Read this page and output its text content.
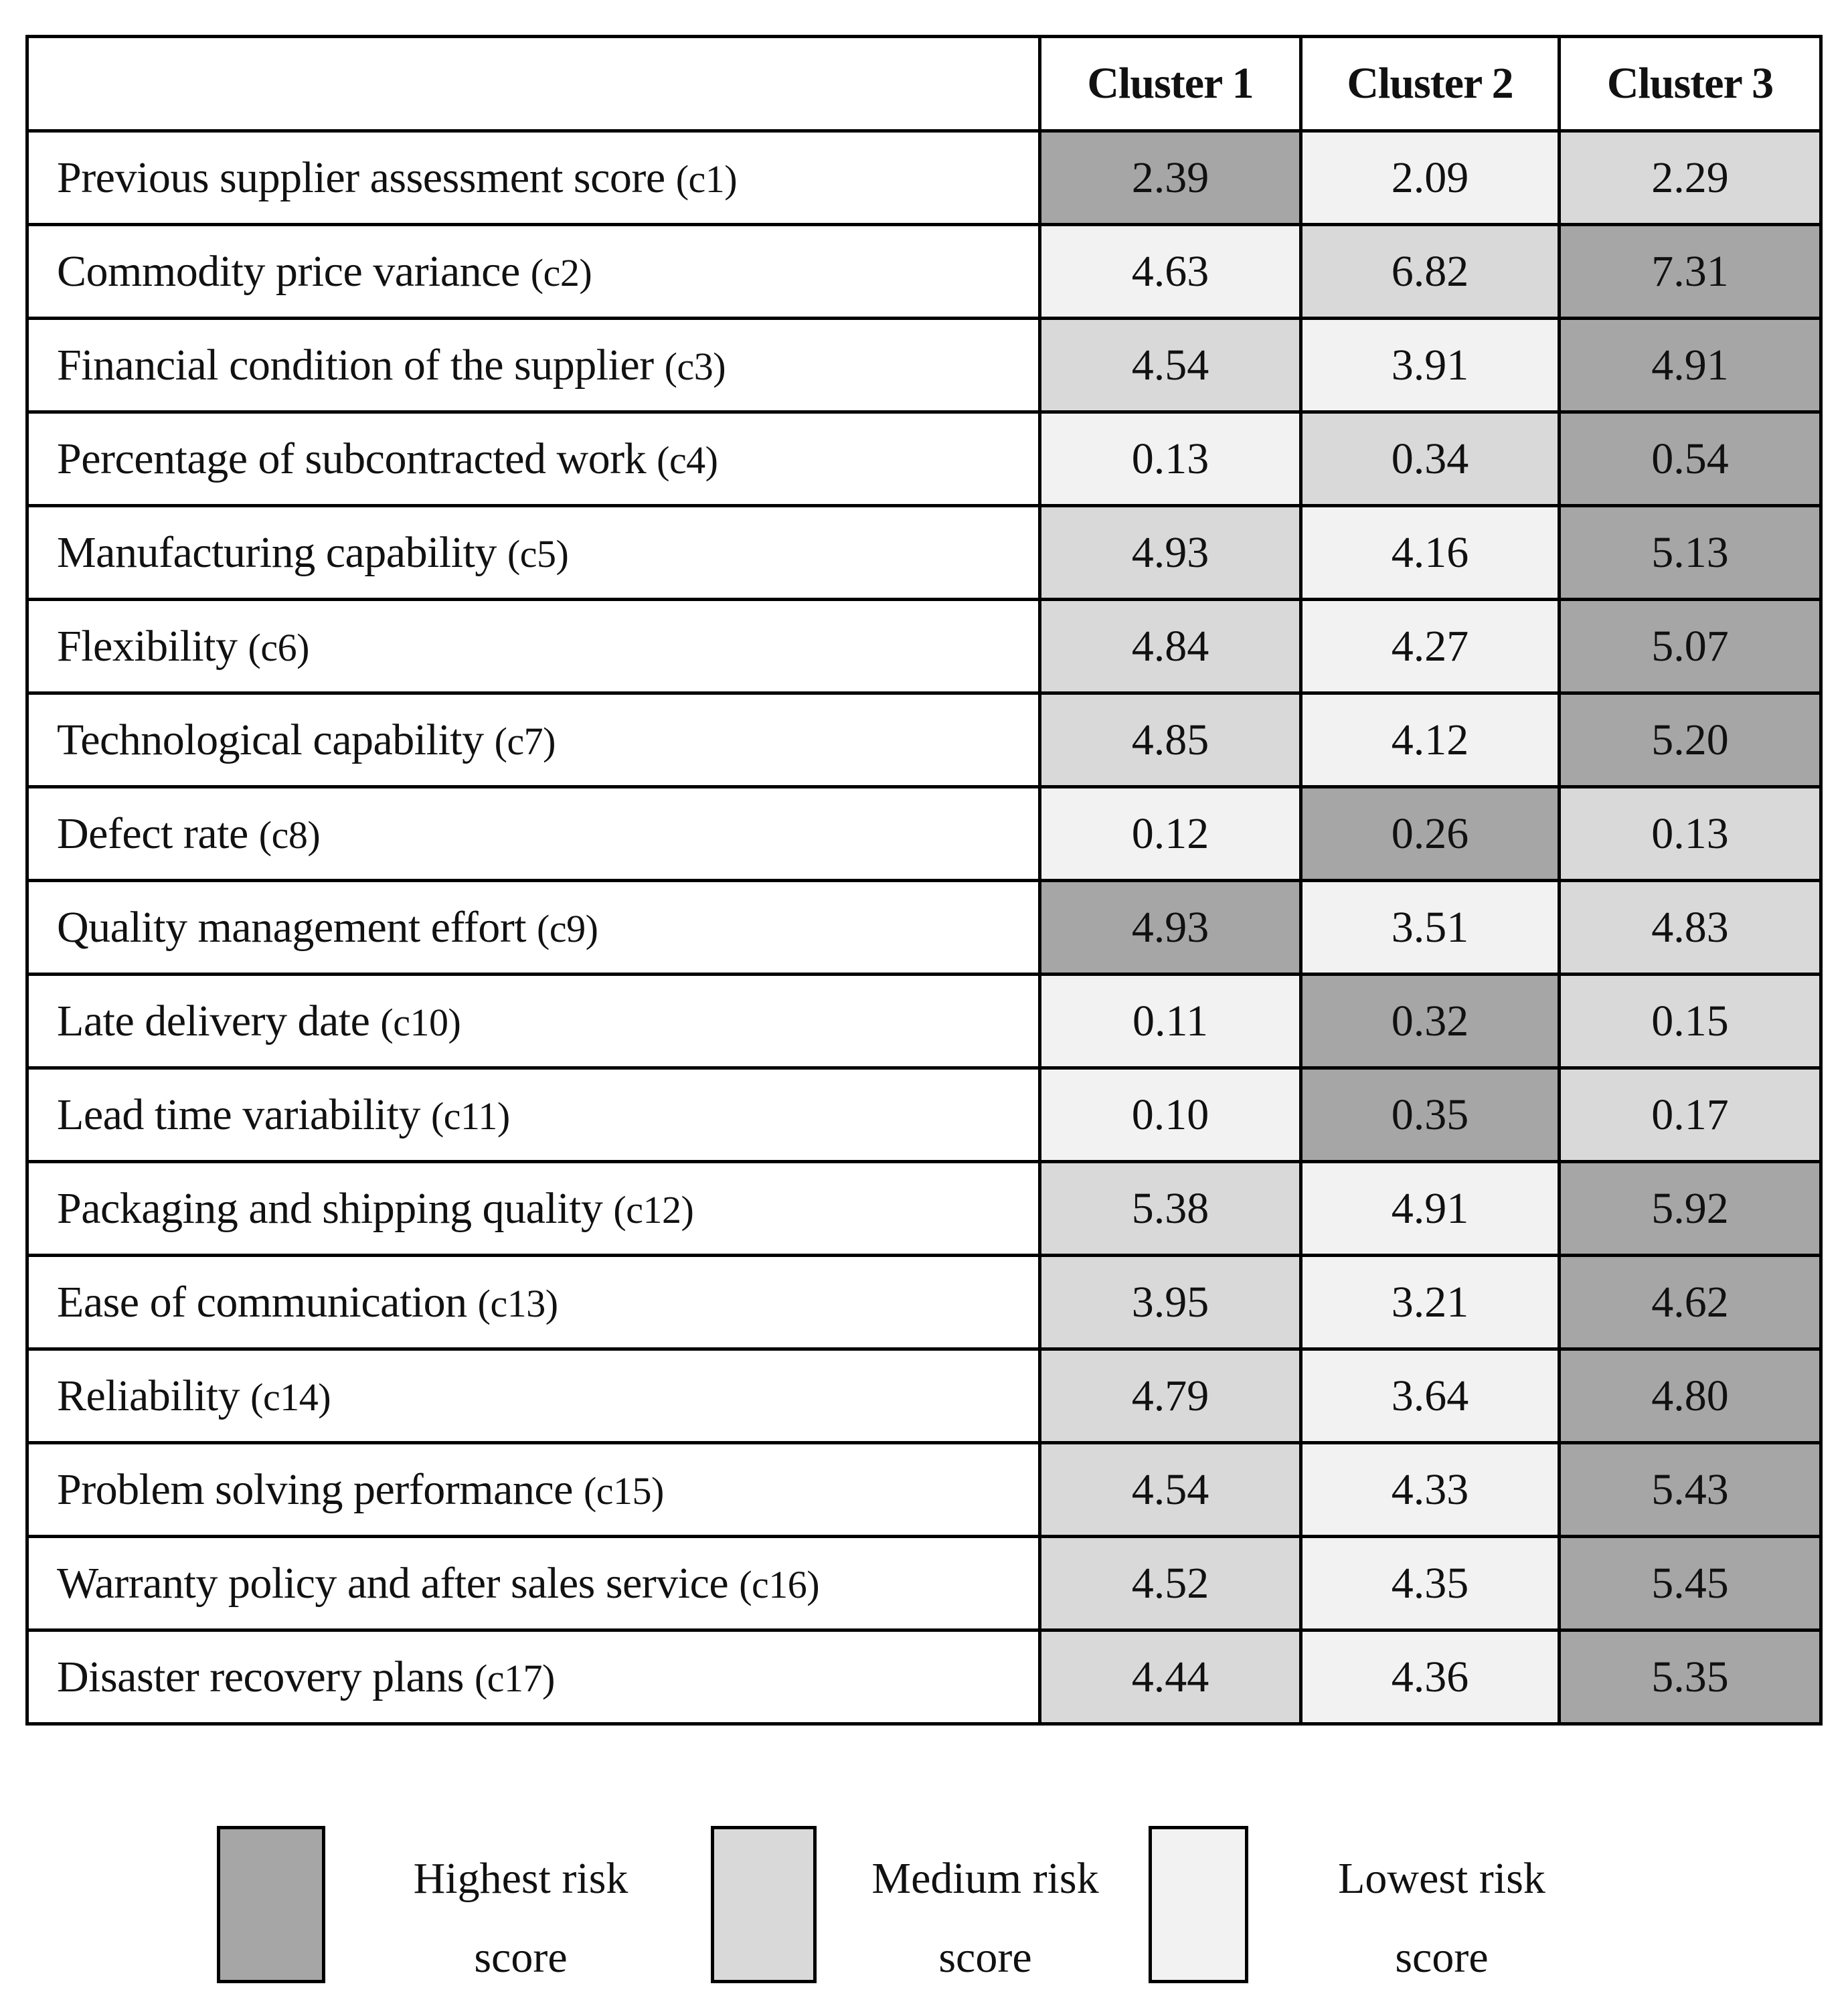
	Cluster 1	Cluster 2	Cluster 3
Previous supplier assessment score (c1)	2.39	2.09	2.29
Commodity price variance (c2)	4.63	6.82	7.31
Financial condition of the supplier (c3)	4.54	3.91	4.91
Percentage of subcontracted work (c4)	0.13	0.34	0.54
Manufacturing capability (c5)	4.93	4.16	5.13
Flexibility (c6)	4.84	4.27	5.07
Technological capability (c7)	4.85	4.12	5.20
Defect rate (c8)	0.12	0.26	0.13
Quality management effort (c9)	4.93	3.51	4.83
Late delivery date (c10)	0.11	0.32	0.15
Lead time variability (c11)	0.10	0.35	0.17
Packaging and shipping quality (c12)	5.38	4.91	5.92
Ease of communication (c13)	3.95	3.21	4.62
Reliability (c14)	4.79	3.64	4.80
Problem solving performance (c15)	4.54	4.33	5.43
Warranty policy and after sales service (c16)	4.52	4.35	5.45
Disaster recovery plans (c17)	4.44	4.36	5.35
Highest risk
score
Medium risk
score
Lowest risk
score
